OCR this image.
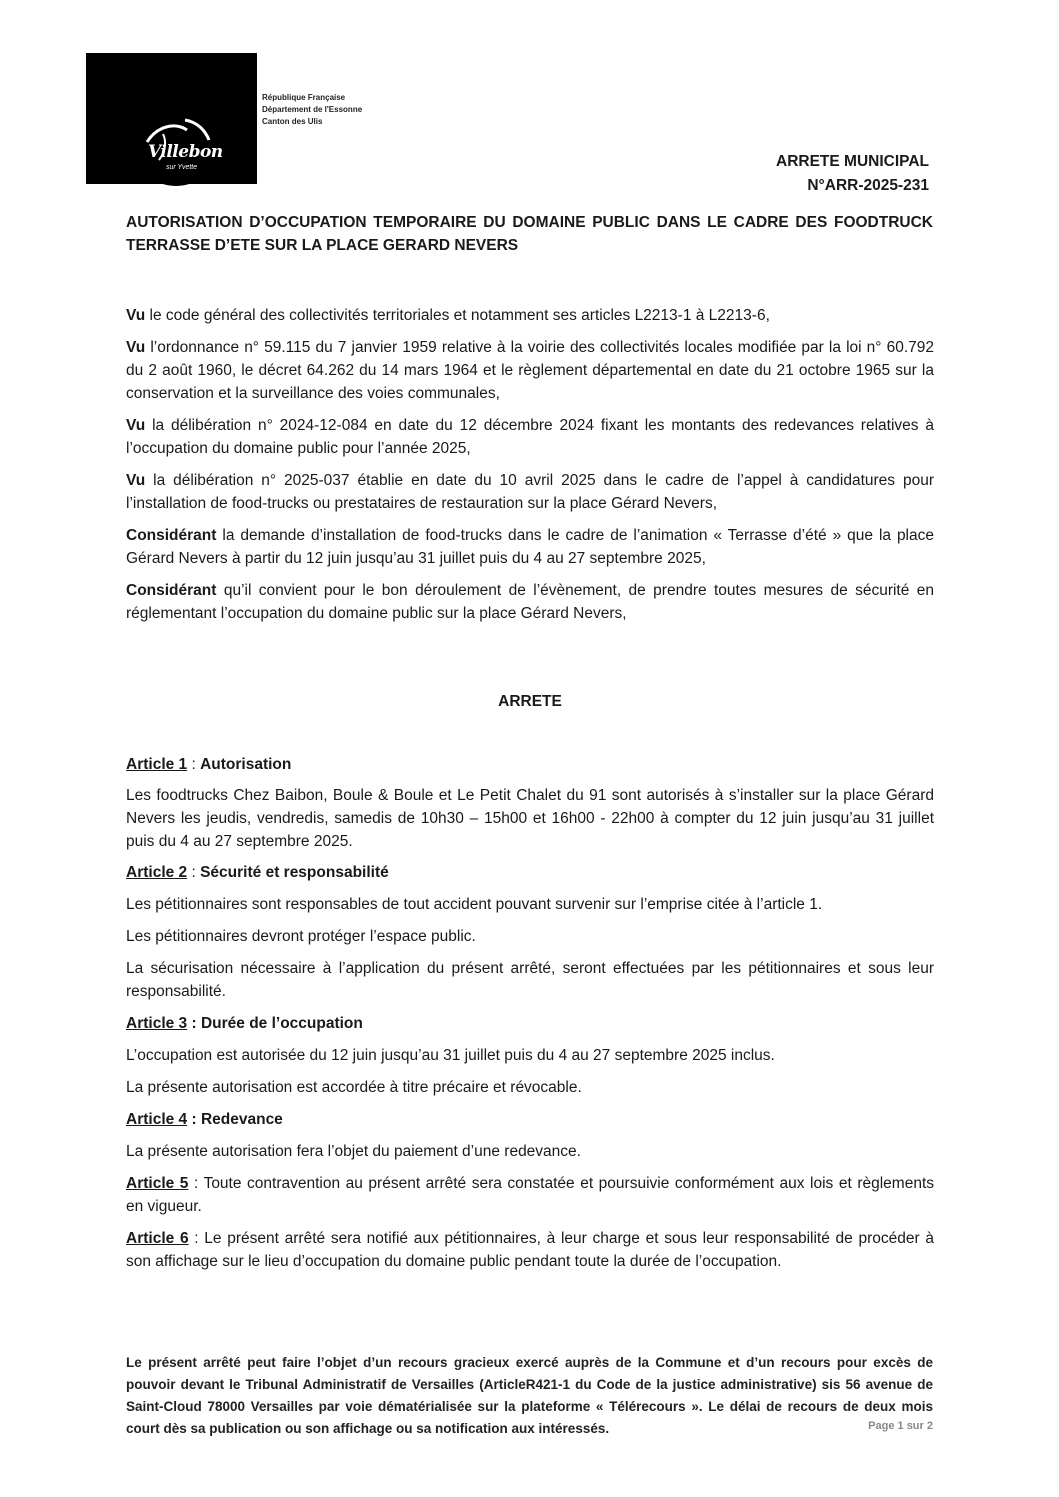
Villebon
sur Yvette
République Française
Département de l'Essonne
Canton des Ulis
ARRETE MUNICIPAL
N°ARR-2025-231
AUTORISATION D’OCCUPATION TEMPORAIRE DU DOMAINE PUBLIC DANS LE CADRE DES FOODTRUCK TERRASSE D’ETE SUR LA PLACE GERARD NEVERS

Vu le code général des collectivités territoriales et notamment ses articles L2213-1 à L2213-6,

Vu l’ordonnance n° 59.115 du 7 janvier 1959 relative à la voirie des collectivités locales modifiée par la loi n° 60.792 du 2 août 1960, le décret 64.262 du 14 mars 1964 et le règlement départemental en date du 21 octobre 1965 sur la conservation et la surveillance des voies communales,

Vu la délibération n° 2024-12-084 en date du 12 décembre 2024 fixant les montants des redevances relatives à l’occupation du domaine public pour l’année 2025,

Vu la délibération n° 2025-037 établie en date du 10 avril 2025 dans le cadre de l’appel à candidatures pour l’installation de food-trucks ou prestataires de restauration sur la place Gérard Nevers,

Considérant la demande d’installation de food-trucks dans le cadre de l’animation « Terrasse d’été » que la place Gérard Nevers à partir du 12 juin jusqu’au 31 juillet puis du 4 au 27 septembre 2025,

Considérant qu’il convient pour le bon déroulement de l’évènement, de prendre toutes mesures de sécurité en réglementant l’occupation du domaine public sur la place Gérard Nevers,

ARRETE

Article 1 : Autorisation

Les foodtrucks Chez Baibon, Boule & Boule et Le Petit Chalet du 91 sont autorisés à s’installer sur la place Gérard Nevers les jeudis, vendredis, samedis de 10h30 – 15h00 et 16h00 - 22h00 à compter du 12 juin jusqu’au 31 juillet puis du 4 au 27 septembre 2025.

Article 2 : Sécurité et responsabilité

Les pétitionnaires sont responsables de tout accident pouvant survenir sur l’emprise citée à l’article 1.

Les pétitionnaires devront protéger l’espace public.

La sécurisation nécessaire à l’application du présent arrêté, seront effectuées par les pétitionnaires et sous leur responsabilité.

Article 3 : Durée de l’occupation

L’occupation est autorisée du 12 juin jusqu’au 31 juillet puis du 4 au 27 septembre 2025 inclus.

La présente autorisation est accordée à titre précaire et révocable.

Article 4 : Redevance

La présente autorisation fera l’objet du paiement d’une redevance.

Article 5 : Toute contravention au présent arrêté sera constatée et poursuivie conformément aux lois et règlements en vigueur.

Article 6 : Le présent arrêté sera notifié aux pétitionnaires, à leur charge et sous leur responsabilité de procéder à son affichage sur le lieu d’occupation du domaine public pendant toute la durée de l’occupation.

Le présent arrêté peut faire l’objet d’un recours gracieux exercé auprès de la Commune et d’un recours pour excès de pouvoir devant le Tribunal Administratif de Versailles (ArticleR421-1 du Code de la justice administrative) sis 56 avenue de Saint-Cloud 78000 Versailles par voie dématérialisée sur la plateforme « Télérecours ». Le délai de recours de deux mois court dès sa publication ou son affichage ou sa notification aux intéressés.	Page 1 sur 2
